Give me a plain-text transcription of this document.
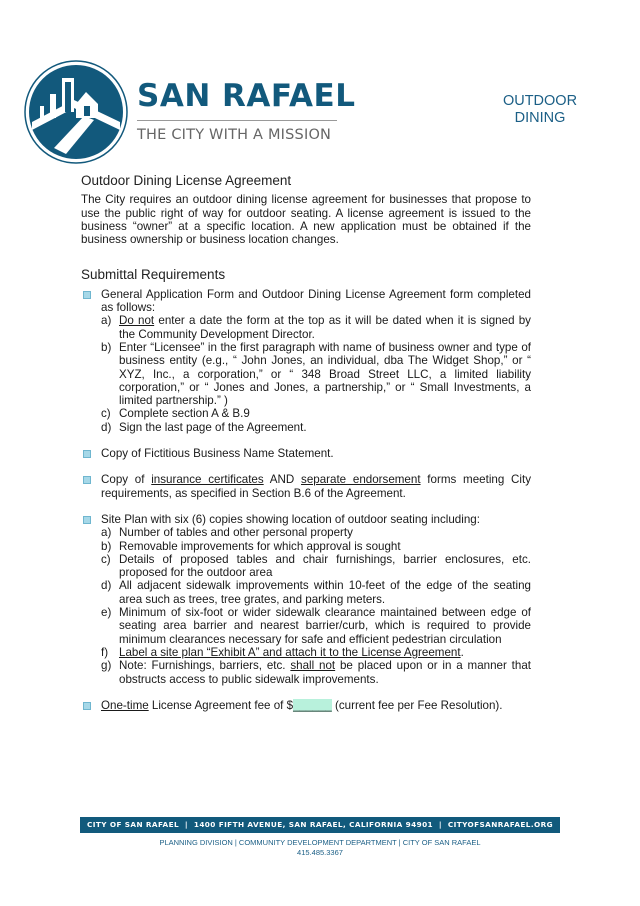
SAN RAFAEL
THE CITY WITH A MISSION
OUTDOOR
DINING
Outdoor Dining License Agreement

The City requires an outdoor dining license agreement for businesses that propose to use the public right of way for outdoor seating. A license agreement is issued to the business “owner” at a specific location. A new application must be obtained if the business ownership or business location changes.

Submittal Requirements
General Application Form and Outdoor Dining License Agreement form completed as follows:
a) Do not enter a date the form at the top as it will be dated when it is signed by the Community Development Director.
b) Enter “Licensee” in the first paragraph with name of business owner and type of business entity (e.g., “ John Jones, an individual, dba The Widget Shop,” or “ XYZ, Inc., a corporation,” or “ 348 Broad Street LLC, a limited liability corporation,” or “ Jones and Jones, a partnership,” or “ Small Investments, a limited partnership.” )
c) Complete section A & B.9
d) Sign the last page of the Agreement.
Copy of Fictitious Business Name Statement.
Copy of insurance certificates AND separate endorsement forms meeting City requirements, as specified in Section B.6 of the Agreement.
Site Plan with six (6) copies showing location of outdoor seating including:
a) Number of tables and other personal property
b) Removable improvements for which approval is sought
c) Details of proposed tables and chair furnishings, barrier enclosures, etc. proposed for the outdoor area
d) All adjacent sidewalk improvements within 10-feet of the edge of the seating area such as trees, tree grates, and parking meters.
e) Minimum of six-foot or wider sidewalk clearance maintained between edge of seating area barrier and nearest barrier/curb, which is required to provide minimum clearances necessary for safe and efficient pedestrian circulation
f) Label a site plan “Exhibit A” and attach it to the License Agreement.
g) Note: Furnishings, barriers, etc. shall not be placed upon or in a manner that obstructs access to public sidewalk improvements.
One-time License Agreement fee of $______ (current fee per Fee Resolution).
CITY OF SAN RAFAEL  |  1400 FIFTH AVENUE, SAN RAFAEL, CALIFORNIA 94901  |  CITYOFSANRAFAEL.ORG
PLANNING DIVISION | COMMUNITY DEVELOPMENT DEPARTMENT | CITY OF SAN RAFAEL
415.485.3367
